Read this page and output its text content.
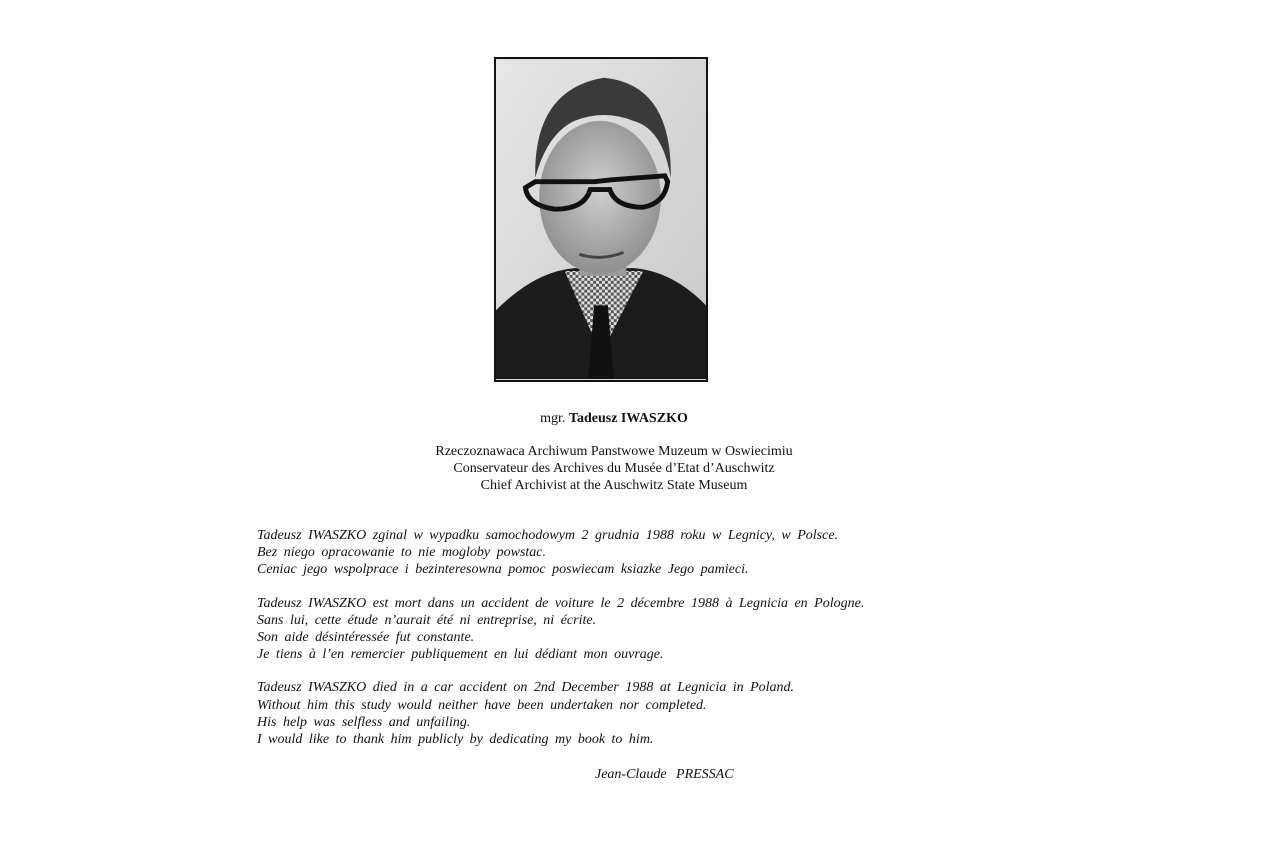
mgr. Tadeusz IWASZKO
Rzeczoznawaca Archiwum Panstwowe Muzeum w Oswiecimiu
Conservateur des Archives du Musée d’Etat d’Auschwitz
Chief Archivist at the Auschwitz State Museum
Tadeusz IWASZKO zginal w wypadku samochodowym 2 grudnia 1988 roku w Legnicy, w Polsce.
Bez niego opracowanie to nie mogloby powstac.
Ceniac jego wspolprace i bezinteresowna pomoc poswiecam ksiazke Jego pamieci.
Tadeusz IWASZKO est mort dans un accident de voiture le 2 décembre 1988 à Legnicia en Pologne.
Sans lui, cette étude n’aurait été ni entreprise, ni écrite.
Son aide désintéressée fut constante.
Je tiens à l’en remercier publiquement en lui dédiant mon ouvrage.
Tadeusz IWASZKO died in a car accident on 2nd December 1988 at Legnicia in Poland.
Without him this study would neither have been undertaken nor completed.
His help was selfless and unfailing.
I would like to thank him publicly by dedicating my book to him.
Jean-Claude PRESSAC
